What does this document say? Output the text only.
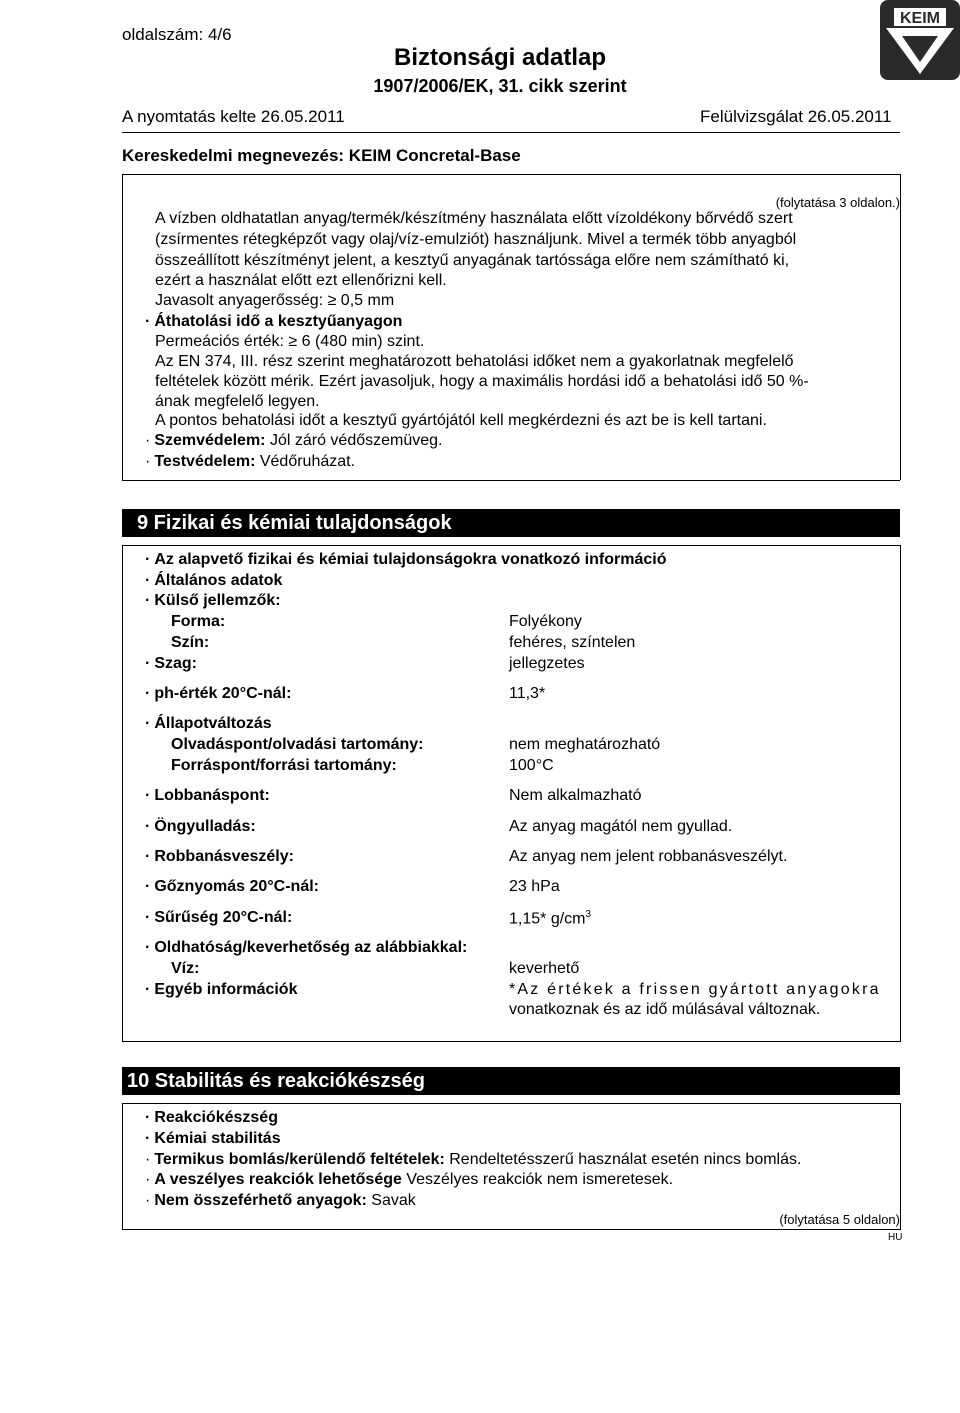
oldalszám: 4/6
Biztonsági adatlap
1907/2006/EK, 31. cikk szerint
KEIM
A nyomtatás kelte 26.05.2011	Felülvizsgálat 26.05.2011
Kereskedelmi megnevezés: KEIM Concretal-Base
(folytatása 3 oldalon.)
A vízben oldhatatlan anyag/termék/készítmény használata előtt vízoldékony bőrvédő szert
(zsírmentes rétegképzőt vagy olaj/víz-emulziót) használjunk. Mivel a termék több anyagból
összeállított készítményt jelent, a kesztyű anyagának tartóssága előre nem számítható ki,
ezért a használat előtt ezt ellenőrizni kell.
Javasolt anyagerősség: ≥ 0,5 mm
· Áthatolási idő a kesztyűanyagon
Permeációs érték: ≥ 6 (480 min) szint.
Az EN 374, III. rész szerint meghatározott behatolási időket nem a gyakorlatnak megfelelő
feltételek között mérik. Ezért javasoljuk, hogy a maximális hordási idő a behatolási idő 50 %-
ának megfelelő legyen.
A pontos behatolási időt a kesztyű gyártójától kell megkérdezni és azt be is kell tartani.
· Szemvédelem: Jól záró védőszemüveg.
· Testvédelem: Védőruházat.
9 Fizikai és kémiai tulajdonságok
· Az alapvető fizikai és kémiai tulajdonságokra vonatkozó információ
· Általános adatok
· Külső jellemzők:
Forma:	Folyékony
Szín:	fehéres, színtelen
· Szag:	jellegzetes
· ph-érték 20°C-nál:	11,3*
· Állapotváltozás
Olvadáspont/olvadási tartomány:	nem meghatározható
Forráspont/forrási tartomány:	100°C
· Lobbanáspont:	Nem alkalmazható
· Öngyulladás:	Az anyag magától nem gyullad.
· Robbanásveszély:	Az anyag nem jelent robbanásveszélyt.
· Gőznyomás 20°C-nál:	23 hPa
· Sűrűség 20°C-nál:	1,15* $g/cm^3$
· Oldhatóság/keverhetőség az alábbiakkal:
Víz:	keverhető
· Egyéb információk	*Az értékek a frissen gyártott anyagokra
vonatkoznak és az idő múlásával változnak.
10 Stabilitás és reakciókészség
· Reakciókészség
· Kémiai stabilitás
· Termikus bomlás/kerülendő feltételek: Rendeltetésszerű használat esetén nincs bomlás.
· A veszélyes reakciók lehetősége Veszélyes reakciók nem ismeretesek.
· Nem összeférhető anyagok: Savak
(folytatása 5 oldalon)
HU
